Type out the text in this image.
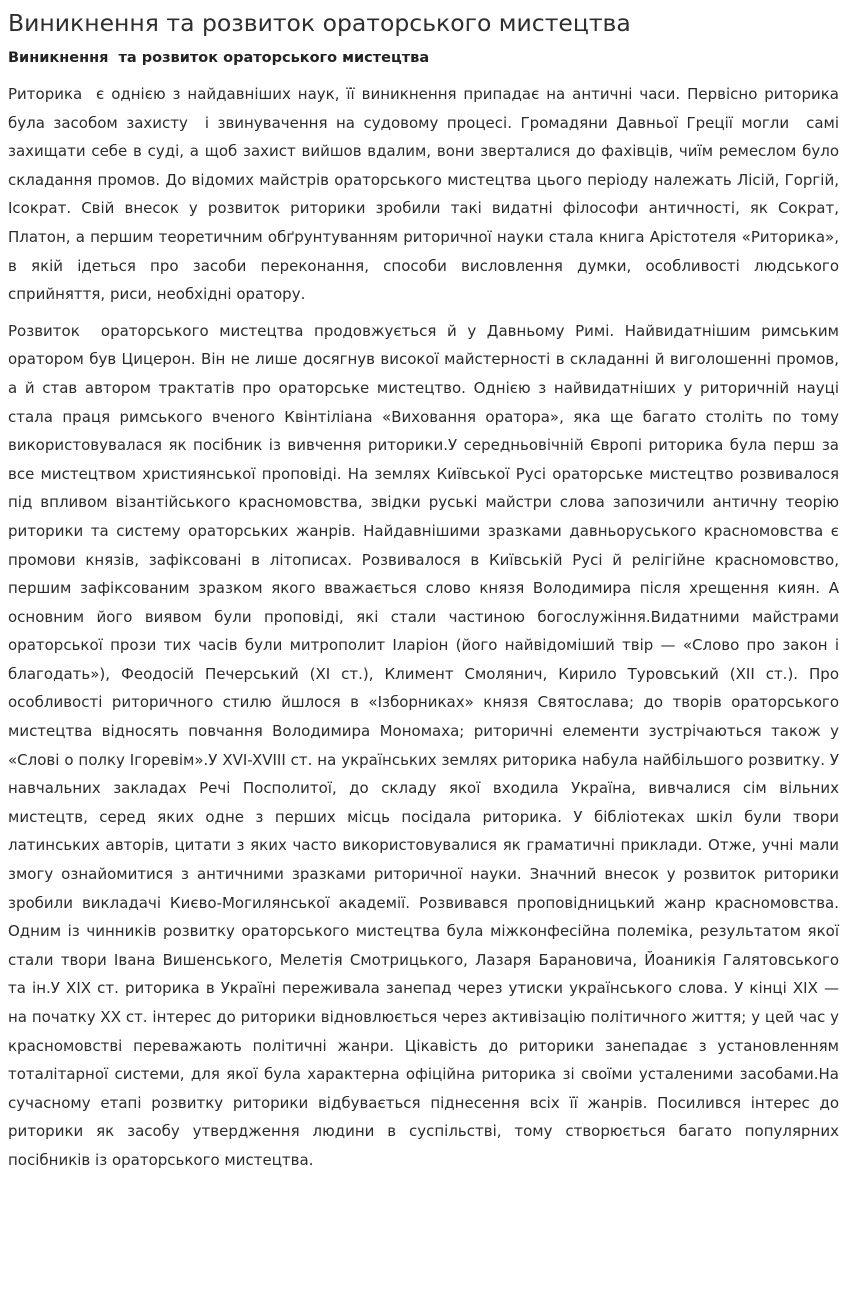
Виникнення та розвиток ораторського мистецтва
Виникнення  та розвиток ораторського мистецтва

Риторика  є однією з найдавніших наук, її виникнення припадає на античні часи. Первісно риторика була засобом захисту  і звинувачення на судовому процесі. Громадяни Давньої Греції могли  самі захищати себе в суді, а щоб захист вийшов вдалим, вони зверталися до фахівців, чиїм ремеслом було складання промов. До відомих майстрів ораторського мистецтва цього періоду належать Лісій, Горгій, Ісократ. Свій внесок у розвиток риторики зробили такі видатні філософи античності, як Сократ, Платон, а першим теоретичним обґрунтуванням риторичної науки стала книга Арістотеля «Риторика», в якій ідеться про засоби переконання, способи висловлення думки, особливості людського сприйняття, риси, необхідні оратору.

Розвиток  ораторського мистецтва продовжується й у Давньому Римі. Найвидатнішим римським оратором був Цицерон. Він не лише досягнув високої майстерності в складанні й виголошенні промов, а й став автором трактатів про ораторське мистецтво. Однією з найвидатніших у риторичній науці стала праця римського вченого Квінтіліана «Виховання оратора», яка ще багато століть по тому використовувалася як посібник із вивчення риторики.У середньовічній Європі риторика була перш за все мистецтвом християнської проповіді. На землях Київської Русі ораторське мистецтво розвивалося під впливом візантійського красномовства, звідки руські майстри слова запозичили античну теорію риторики та систему ораторських жанрів. Найдавнішими зразками давньоруського красномовства є промови князів, зафіксовані в літописах. Розвивалося в Київській Русі й релігійне красномовство, першим зафіксованим зразком якого вважається слово князя Володимира після хрещення киян. А основним його виявом були проповіді, які стали частиною богослужіння.Видатними майстрами ораторської прози тих часів були митрополит Іларіон (його найвідоміший твір — «Слово про закон і благодать»), Феодосій Печерський (XI ст.), Климент Смолянич, Кирило Туровський (XII ст.). Про особливості риторичного стилю йшлося в «Ізборниках» князя Святослава; до творів ораторського мистецтва відносять повчання Володимира Мономаха; риторичні елементи зустрічаються також у «Слові о полку Ігоревім».У XVI-XVIII ст. на українських землях риторика набула найбільшого розвитку. У навчальних закладах Речі Посполитої, до складу якої входила Україна, вивчалися сім вільних мистецтв, серед яких одне з перших місць посідала риторика. У бібліотеках шкіл були твори латинських авторів, цитати з яких часто використовувалися як граматичні приклади. Отже, учні мали змогу ознайомитися з античними зразками риторичної науки. Значний внесок у розвиток риторики зробили викладачі Києво-Могилянської академії. Розвивався проповідницький жанр красномовства. Одним із чинників розвитку ораторського мистецтва була міжконфесійна полеміка, результатом якої стали твори Івана Вишенського, Мелетія Смотрицького, Лазаря Барановича, Йоаникія Галятовського та ін.У XIX ст. риторика в Україні переживала занепад через утиски українського слова. У кінці XIX — на початку XX ст. інтерес до риторики відновлюється через активізацію політичного життя; у цей час у красномовстві переважають політичні жанри. Цікавість до риторики занепадає з установленням тоталітарної системи, для якої була характерна офіційна риторика зі своїми усталеними засобами.На сучасному етапі розвитку риторики відбувається піднесення всіх її жанрів. Посилився інтерес до риторики як засобу утвердження людини в суспільстві, тому створюється багато популярних посібників із ораторського мистецтва.
